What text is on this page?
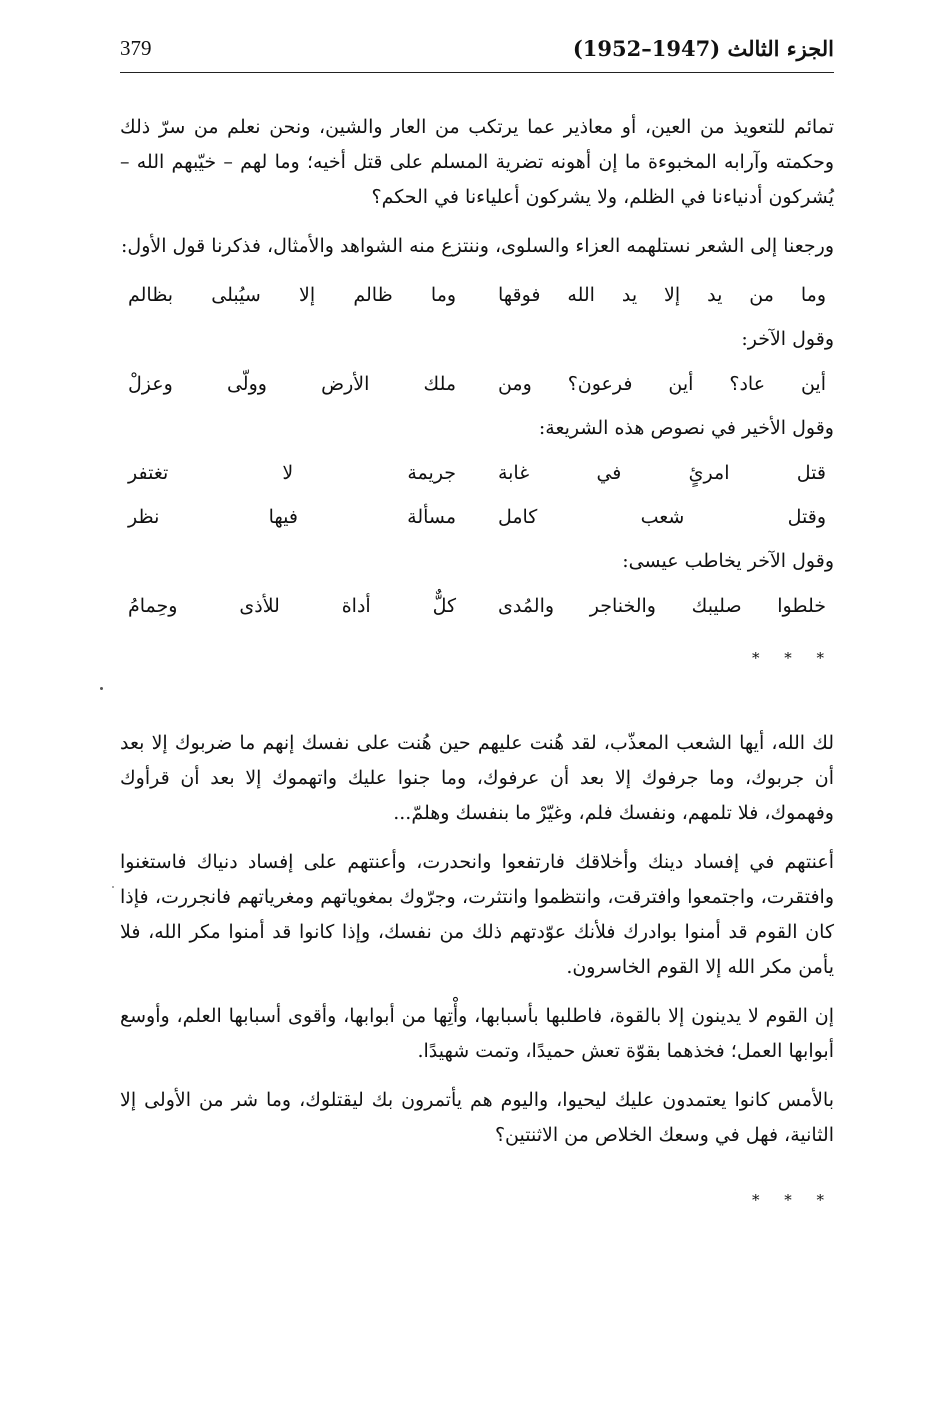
379	الجزء الثالث (1947–1952)

تمائم للتعويذ من العين، أو معاذير عما يرتكب من العار والشين، ونحن نعلم من سرّ ذلك وحكمته وآرابه المخبوءة ما إن أهونه تضرية المسلم على قتل أخيه؛ وما لهم – خيّبهم الله – يُشركون أدنياءنا في الظلم، ولا يشركون أعلياءنا في الحكم؟

ورجعنا إلى الشعر نستلهمه العزاء والسلوى، وننتزع منه الشواهد والأمثال، فذكرنا قول الأول:

وما من يد إلا يد الله فوقها
وما ظالم إلا سيُبلى بظالم

وقول الآخر:

أين عاد؟ أين فرعون؟ ومن
ملك الأرض وولّى وعزلْ

وقول الأخير في نصوص هذه الشريعة:

قتل امرئٍ في غابة
جريمة لا تغتفر
وقتل شعب كامل
مسألة فيها نظر

وقول الآخر يخاطب عيسى:

خلطوا صليبك والخناجر والمُدى
كلٌّ أداة للأذى وحِمامُ
* * *

لك الله، أيها الشعب المعذّب، لقد هُنت عليهم حين هُنت على نفسك إنهم ما ضربوك إلا بعد أن جربوك، وما جرفوك إلا بعد أن عرفوك، وما جنوا عليك واتهموك إلا بعد أن قرأوك وفهموك، فلا تلمهم، ونفسك فلم، وغيّرْ ما بنفسك وهلمّ...

أعنتهم في إفساد دينك وأخلاقك فارتفعوا وانحدرت، وأعنتهم على إفساد دنياك فاستغنوا وافتقرت، واجتمعوا وافترقت، وانتظموا وانتثرت، وجرّوك بمغوياتهم ومغرياتهم فانجررت، فإذا كان القوم قد أمنوا بوادرك فلأنك عوّدتهم ذلك من نفسك، وإذا كانوا قد أمنوا مكر الله، فلا يأمن مكر الله إلا القوم الخاسرون.

إن القوم لا يدينون إلا بالقوة، فاطلبها بأسبابها، وأْتِها من أبوابها، وأقوى أسبابها العلم، وأوسع أبوابها العمل؛ فخذهما بقوّة تعش حميدًا، وتمت شهيدًا.

بالأمس كانوا يعتمدون عليك ليحيوا، واليوم هم يأتمرون بك ليقتلوك، وما شر من الأولى إلا الثانية، فهل في وسعك الخلاص من الاثنتين؟

* * *
